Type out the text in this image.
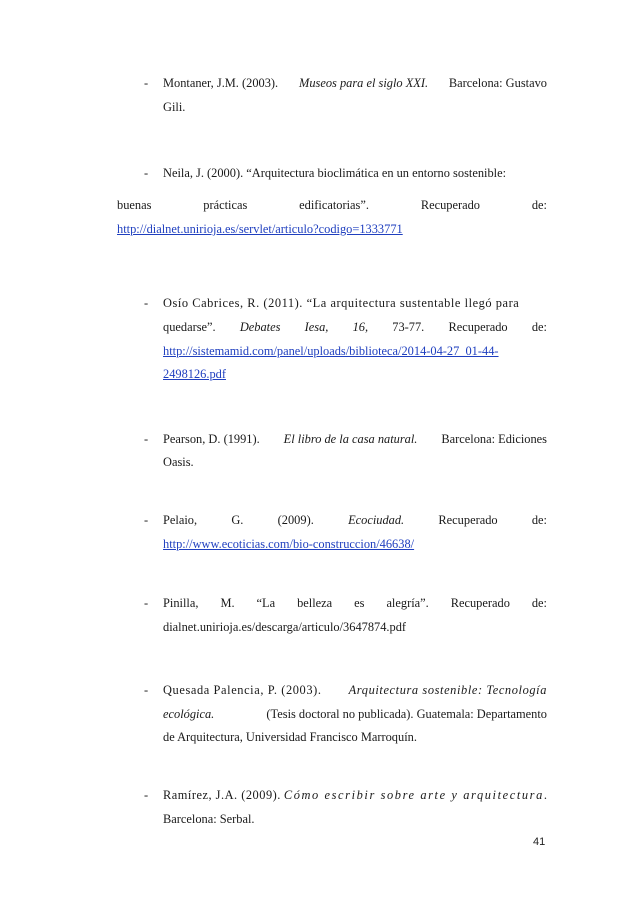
- Montaner, J.M. (2003). Museos para el siglo XXI. Barcelona: Gustavo
Gili.
- Neila, J. (2000). “Arquitectura bioclimática en un entorno sostenible:
buenas	prácticas	edificatorias”.	Recuperado	de:
http://dialnet.unirioja.es/servlet/articulo?codigo=1333771
- Osío Cabrices, R. (2011). “La arquitectura sustentable llegó para
quedarse”. Debates Iesa, 16, 73-77. Recuperado de:
http://sistemamid.com/panel/uploads/biblioteca/2014-04-27_01-44-
2498126.pdf
- Pearson, D. (1991). El libro de la casa natural. Barcelona: Ediciones
Oasis.
- Pelaio,	G.	(2009).	Ecociudad.	Recuperado	de:
http://www.ecoticias.com/bio-construccion/46638/
- Pinilla, M. “La belleza es alegría”. Recuperado de:
dialnet.unirioja.es/descarga/articulo/3647874.pdf
- Quesada Palencia, P. (2003). Arquitectura sostenible: Tecnología
ecológica.	(Tesis doctoral no publicada). Guatemala: Departamento
de Arquitectura, Universidad Francisco Marroquín.
- Ramírez, J.A. (2009). Cómo escribir sobre arte y arquitectura.
Barcelona: Serbal.
41
